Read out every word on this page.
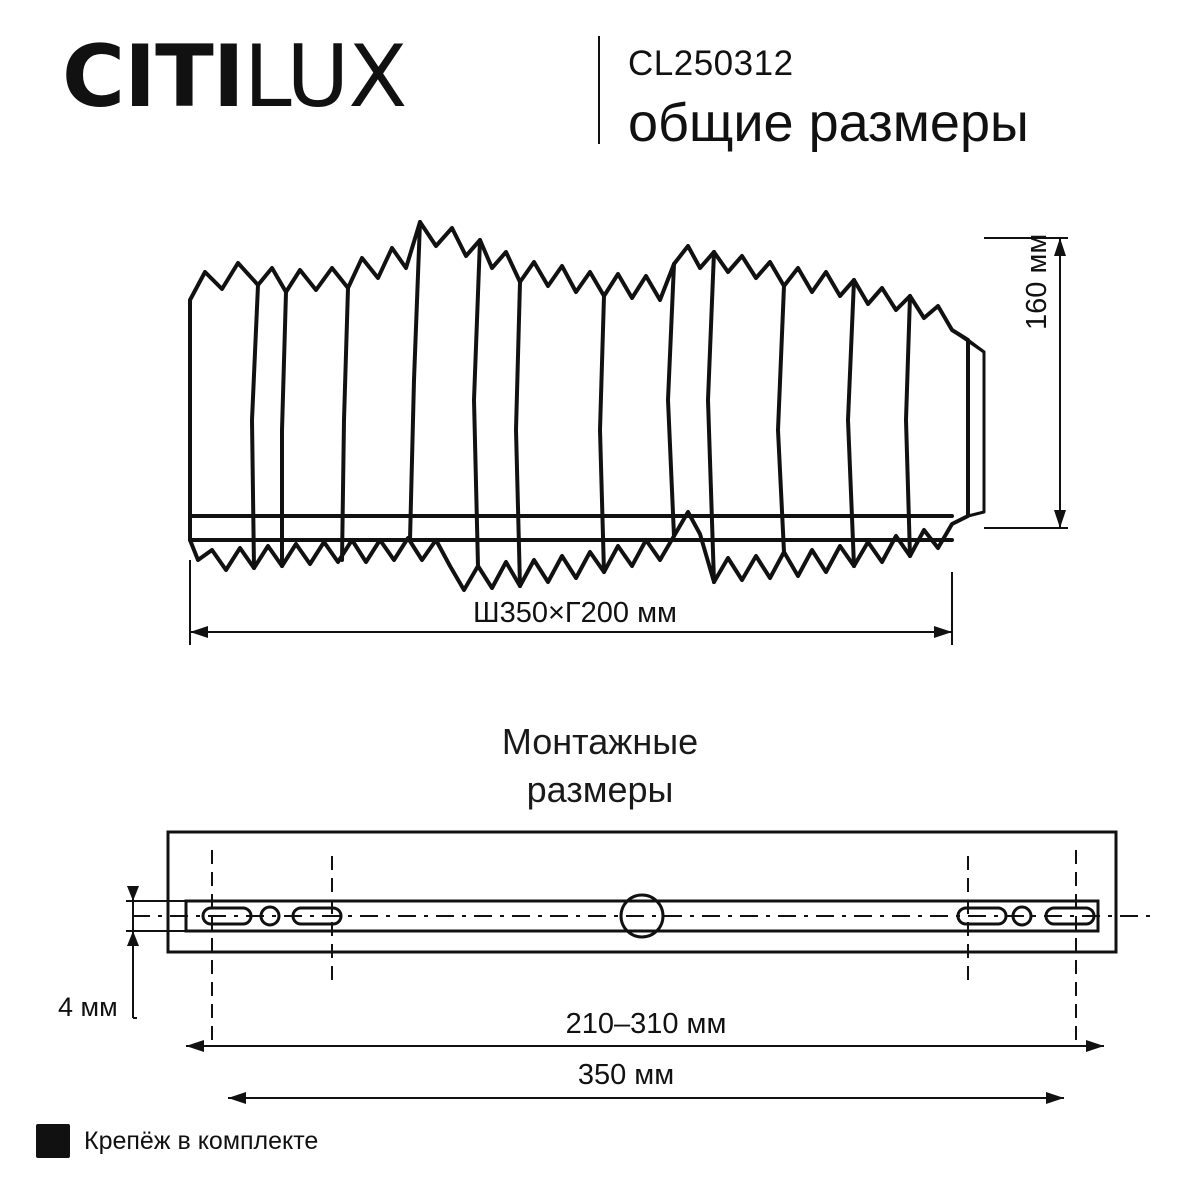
CITILUX	CL250312
общие размеры
160 мм
Ш350×Г200 мм
Монтажные
размеры
4 мм
210–310 мм
350 мм
Крепёж в комплекте
